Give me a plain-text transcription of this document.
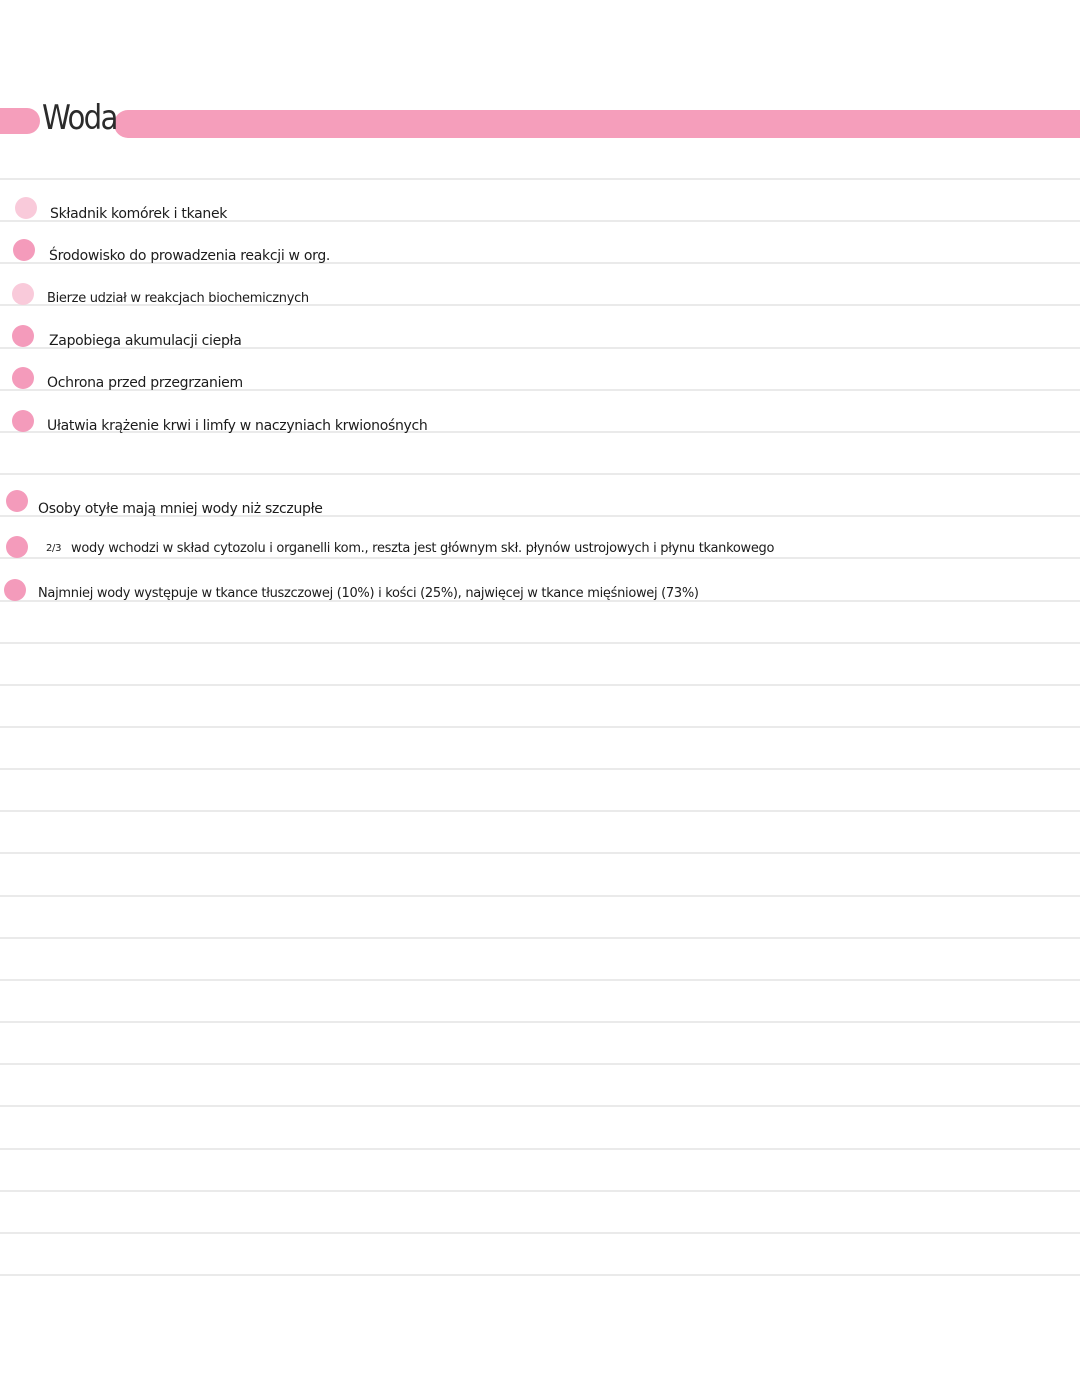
Woda
Składnik komórek i tkanek
Środowisko do prowadzenia reakcji w org.
Bierze udział w reakcjach biochemicznych
Zapobiega akumulacji ciepła
Ochrona przed przegrzaniem
Ułatwia krążenie krwi i limfy w naczyniach krwionośnych
Osoby otyłe mają mniej wody niż szczupłe
2/3 wody wchodzi w skład cytozolu i organelli kom., reszta jest głównym skł. płynów ustrojowych i płynu tkankowego
Najmniej wody występuje w tkance tłuszczowej (10%) i kości (25%), najwięcej w tkance mięśniowej (73%)
